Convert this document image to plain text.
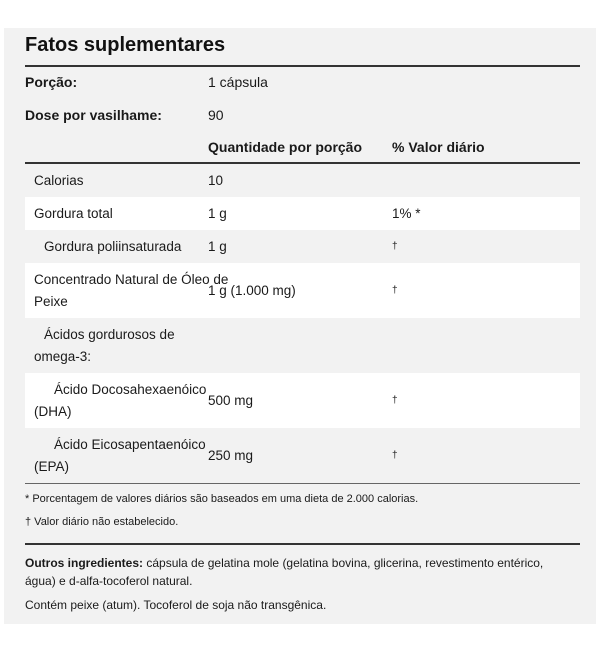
Fatos suplementares
Porção:	1 cápsula
Dose por vasilhame:	90
Quantidade por porção % Valor diário
Calorias	10
Gordura total	1 g	1% *
Gordura poliinsaturada 1 g	†
Concentrado Natural de Óleo de
Peixe
1 g (1.000 mg)	†
Ácidos gordurosos de
omega-3:
Ácido Docosahexaenóico
(DHA)
500 mg	†
Ácido Eicosapentaenóico
(EPA)
250 mg	†
* Porcentagem de valores diários são baseados em uma dieta de 2.000 calorias.
† Valor diário não estabelecido.
Outros ingredientes: cápsula de gelatina mole (gelatina bovina, glicerina, revestimento entérico, água) e d-alfa-tocoferol natural.
Contém peixe (atum). Tocoferol de soja não transgênica.
